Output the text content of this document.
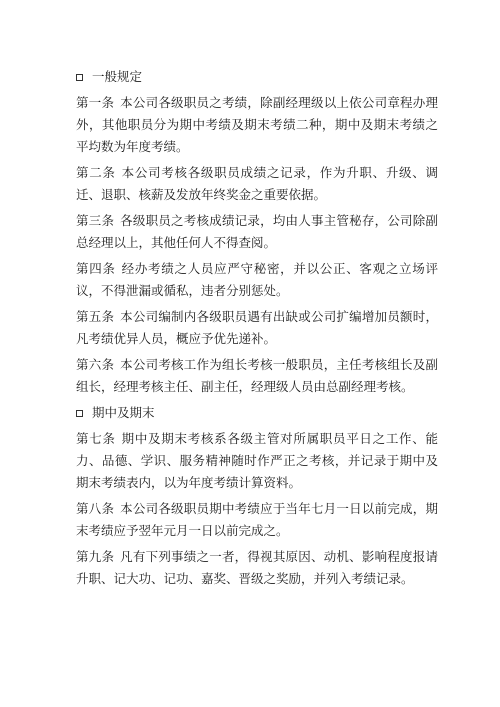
一般规定

第一条 本公司各级职员之考绩，除副经理级以上依公司章程办理外，其他职员分为期中考绩及期末考绩二种，期中及期末考绩之平均数为年度考绩。

第二条 本公司考核各级职员成绩之记录，作为升职、升级、调迁、退职、核薪及发放年终奖金之重要依据。

第三条 各级职员之考核成绩记录，均由人事主管秘存，公司除副总经理以上，其他任何人不得查阅。

第四条 经办考绩之人员应严守秘密，并以公正、客观之立场评议，不得泄漏或循私，违者分别惩处。

第五条 本公司编制内各级职员遇有出缺或公司扩编增加员额时，凡考绩优异人员，概应予优先递补。

第六条 本公司考核工作为组长考核一般职员，主任考核组长及副组长，经理考核主任、副主任，经理级人员由总副经理考核。

期中及期末

第七条 期中及期末考核系各级主管对所属职员平日之工作、能力、品德、学识、服务精神随时作严正之考核，并记录于期中及期末考绩表内，以为年度考绩计算资料。

第八条 本公司各级职员期中考绩应于当年七月一日以前完成，期末考绩应予翌年元月一日以前完成之。

第九条 凡有下列事绩之一者，得视其原因、动机、影响程度报请升职、记大功、记功、嘉奖、晋级之奖励，并列入考绩记录。
